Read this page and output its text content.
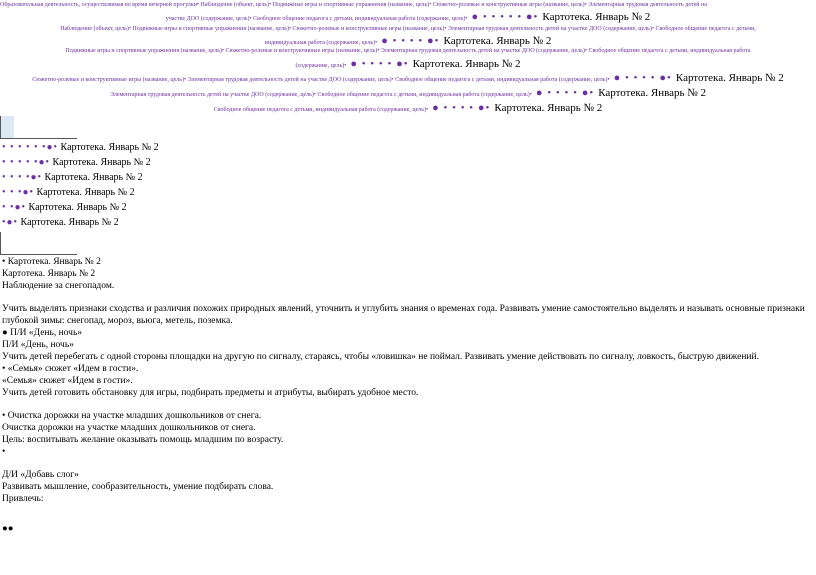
Образовательная деятельность, осуществляемая во время вечерней прогулки• Наблюдение (объект, цель)• Подвижные игры и спортивные упражнения (название, цель)• Сюжетно-ролевые и конструктивные игры (название, цель)• Элементарная трудовая деятельность детей на
участке ДОО (содержание, цель)• Свободное общение педагога с детьми, индивидуальная работа (содержание, цель)• ● • • • • • ●• Картотека. Январь № 2
Наблюдение (объект, цель)• Подвижные игры и спортивные упражнения (название, цель)• Сюжетно-ролевые и конструктивные игры (название, цель)• Элементарная трудовая деятельность детей на участке ДОО (содержание, цель)• Свободное общение педагога с детьми,
индивидуальная работа (содержание, цель)• ● • • • • ●• Картотека. Январь № 2
Подвижные игры и спортивные упражнения (название, цель)• Сюжетно-ролевые и конструктивные игры (название, цель)• Элементарная трудовая деятельность детей на участке ДОО (содержание, цель)• Свободное общение педагога с детьми, индивидуальная работа
(содержание, цель)• ● • • • • ●• Картотека. Январь № 2
Сюжетно-ролевые и конструктивные игры (название, цель)• Элементарная трудовая деятельность детей на участке ДОО (содержание, цель)• Свободное общение педагога с детьми, индивидуальная работа (содержание, цель)• ● • • • • ●• Картотека. Январь № 2
Элементарная трудовая деятельность детей на участке ДОО (содержание, цель)• Свободное общение педагога с детьми, индивидуальная работа (содержание, цель)• ● • • • • ●• Картотека. Январь № 2
Свободное общение педагога с детьми, индивидуальная работа (содержание, цель)• ● • • • • ●• Картотека. Январь № 2
• • • • • •●• Картотека. Январь № 2
• • • • •●• Картотека. Январь № 2
• • • •●• Картотека. Январь № 2
• • •●• Картотека. Январь № 2
• •●• Картотека. Январь № 2
•●• Картотека. Январь № 2
• Картотека. Январь № 2
Картотека. Январь № 2
Наблюдение за снегопадом.
Учить выделять признаки сходства и различия похожих природных явлений, уточнить и углубить знания о временах года. Развивать умение самостоятельно выделять и называть основные признаки глубокой зимы: снегопад, мороз, вьюга, метель, поземка.
● П/И «День, ночь»
П/И «День, ночь»
Учить детей перебегать с одной стороны площадки на другую по сигналу, стараясь, чтобы «ловишка» не поймал. Развивать умение действовать по сигналу, ловкость, быструю движений.
• «Семья» сюжет «Идем в гости».
«Семья» сюжет «Идем в гости».
Учить детей готовить обстановку для игры, подбирать предметы и атрибуты, выбирать удобное место.
• Очистка дорожки на участке младших дошкольников от снега.
Очистка дорожки на участке младших дошкольников от снега.
Цель: воспитывать желание оказывать помощь младшим по возрасту.
•
Д/И «Добавь слог»
Развивать мышление, сообразительность, умение подбирать слова.
Привлечь:
●●
